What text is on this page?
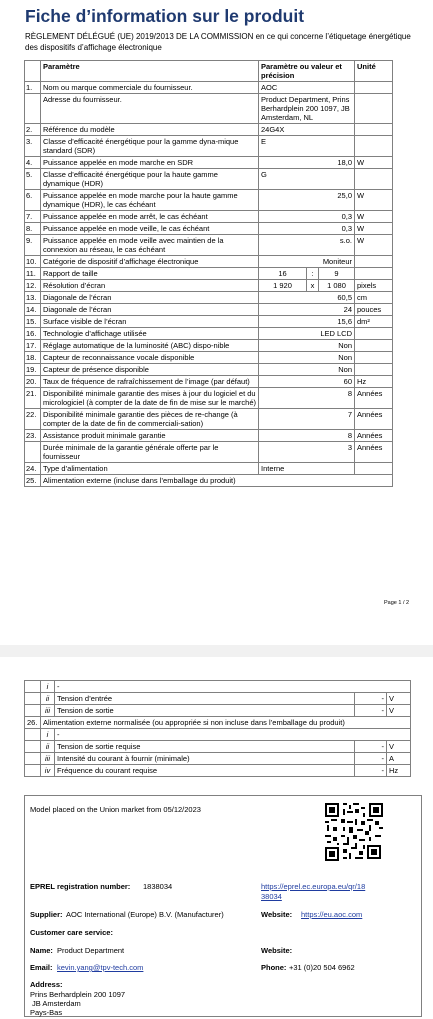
Fiche d’information sur le produit
RÈGLEMENT DÉLÉGUÉ (UE) 2019/2013 DE LA COMMISSION en ce qui concerne l’étiquetage énergétique des dispositifs d’affichage électronique
	Paramètre	Paramètre ou valeur et précision			Unité
1.	Nom ou marque commerciale du fournisseur.	AOC			
	Adresse du fournisseur.	Product Department, Prins Berhardplein 200 1097, JB Amsterdam, NL			
2.	Référence du modèle	24G4X			
3.	Classe d’efficacité énergétique pour la gamme dyna-mique standard (SDR)	E			
4.	Puissance appelée en mode marche en SDR	18,0			W
5.	Classe d’efficacité énergétique pour la haute gamme dynamique (HDR)	G			
6.	Puissance appelée en mode marche pour la haute gamme dynamique (HDR), le cas échéant	25,0			W
7.	Puissance appelée en mode arrêt, le cas échéant	0,3			W
8.	Puissance appelée en mode veille, le cas échéant	0,3			W
9.	Puissance appelée en mode veille avec maintien de la connexion au réseau, le cas échéant	s.o.			W
10.	Catégorie de dispositif d’affichage électronique	Moniteur			
11.	Rapport de taille	16	:	9	
12.	Résolution d’écran	1 920	x	1 080	pixels
13.	Diagonale de l’écran	60,5			cm
14.	Diagonale de l’écran	24			pouces
15.	Surface visible de l’écran	15,6			dm²
16.	Technologie d’affichage utilisée	LED LCD			
17.	Réglage automatique de la luminosité (ABC) dispo-nible	Non			
18.	Capteur de reconnaissance vocale disponible	Non			
19.	Capteur de présence disponible	Non			
20.	Taux de fréquence de rafraîchissement de l’image (par défaut)	60			Hz
21.	Disponibilité minimale garantie des mises à jour du logiciel et du micrologiciel (à compter de la date de fin de mise sur le marché)	8			Années
22.	Disponibilité minimale garantie des pièces de re-change (à compter de la date de fin de commerciali-sation)	7			Années
23.	Assistance produit minimale garantie	8			Années
	Durée minimale de la garantie générale offerte par le fournisseur	3			Années
24.	Type d’alimentation	Interne			
25.	Alimentation externe (incluse dans l’emballage du produit)				
Page 1 / 2
	i	-		
	ii	Tension d’entrée	-	V
	iii	Tension de sortie	-	V
26.	Alimentation externe normalisée (ou appropriée si non incluse dans l’emballage du produit)			
	i	-		
	ii	Tension de sortie requise	-	V
	iii	Intensité du courant à fournir (minimale)	-	A
	iv	Fréquence du courant requise	-	Hz
Model placed on the Union market from 05/12/2023
EPREL registration number: 1838034	https://eprel.ec.europa.eu/qr/18
38034
Supplier: AOC International (Europe) B.V. (Manufacturer)	Website: https://eu.aoc.com
Customer care service:
Name: Product Department	Website:
Email: kevin.yang@tpv-tech.com	Phone: +31 (0)20 504 6962
Address:
Prins Berhardplein 200 1097
JB Amsterdam
Pays-Bas
